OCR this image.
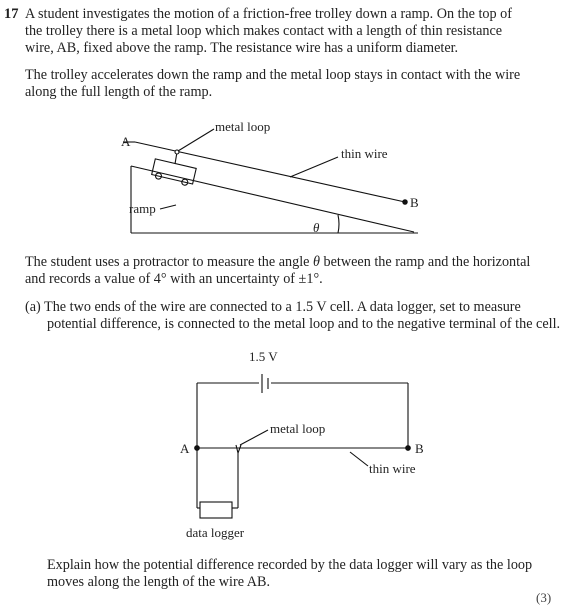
17 A student investigates the motion of a friction-free trolley down a ramp. On the top of
the trolley there is a metal loop which makes contact with a length of thin resistance
wire, AB, fixed above the ramp. The resistance wire has a uniform diameter.
The trolley accelerates down the ramp and the metal loop stays in contact with the wire
along the full length of the ramp.
A
metal loop
thin wire
B
ramp
θ
The student uses a protractor to measure the angle θ between the ramp and the horizontal
and records a value of 4° with an uncertainty of ±1°.
(a) The two ends of the wire are connected to a 1.5 V cell. A data logger, set to measure
potential difference, is connected to the metal loop and to the negative terminal of the cell.
1.5 V
metal loop
A	B
thin wire
data logger
Explain how the potential difference recorded by the data logger will vary as the loop
moves along the length of the wire AB.
(3)
